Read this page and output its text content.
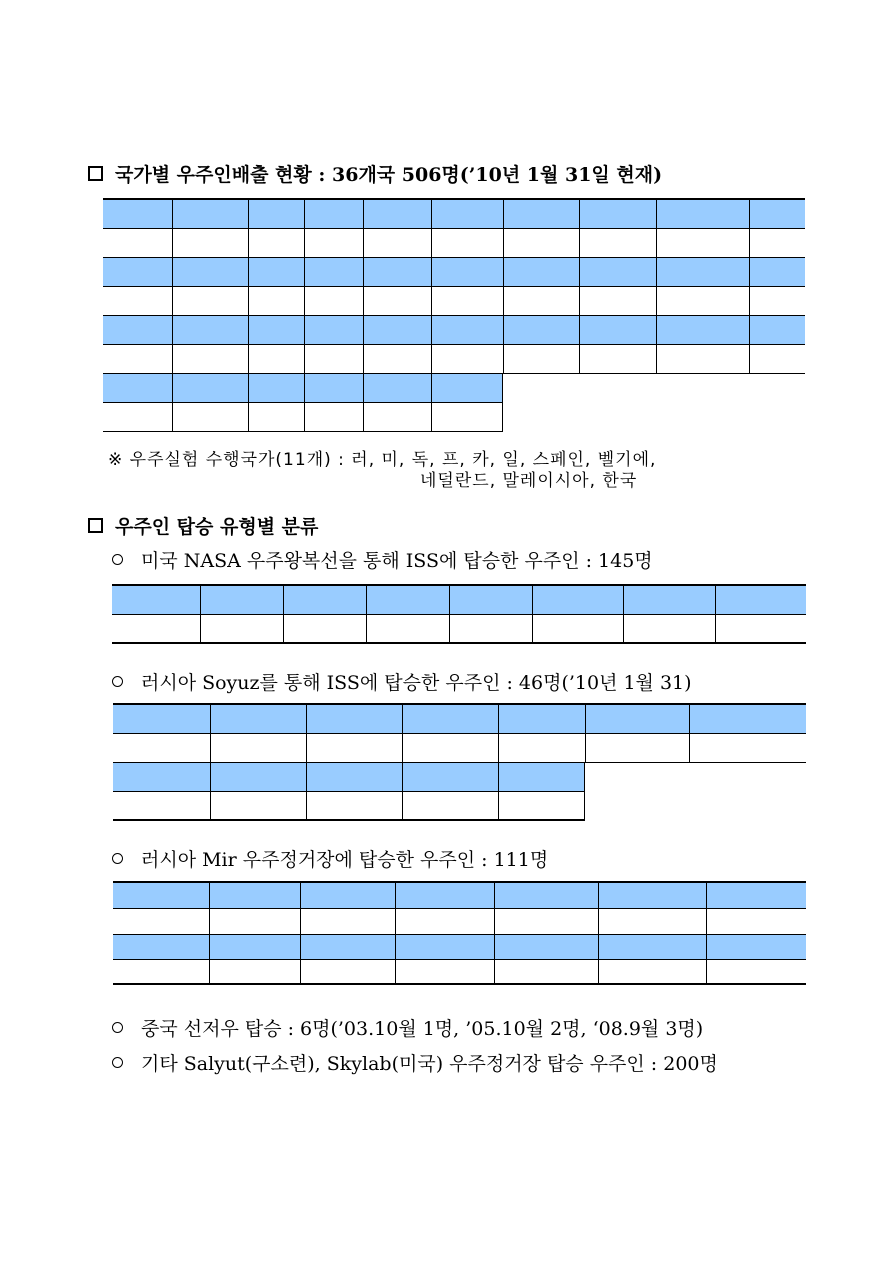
국가별 우주인배출 현황 : 36개국 506명(’10년 1월 31일 현재)
※ 우주실험 수행국가(11개) : 러, 미, 독, 프, 카, 일, 스페인, 벨기에,
네덜란드, 말레이시아, 한국
우주인 탑승 유형별 분류
미국 NASA 우주왕복선을 통해 ISS에 탑승한 우주인 : 145명
러시아 Soyuz를 통해 ISS에 탑승한 우주인 : 46명(’10년 1월 31)
러시아 Mir 우주정거장에 탑승한 우주인 : 111명
중국 선저우 탑승 : 6명(’03.10월 1명, ’05.10월 2명, ‘08.9월 3명)
기타 Salyut(구소련), Skylab(미국) 우주정거장 탑승 우주인 : 200명
